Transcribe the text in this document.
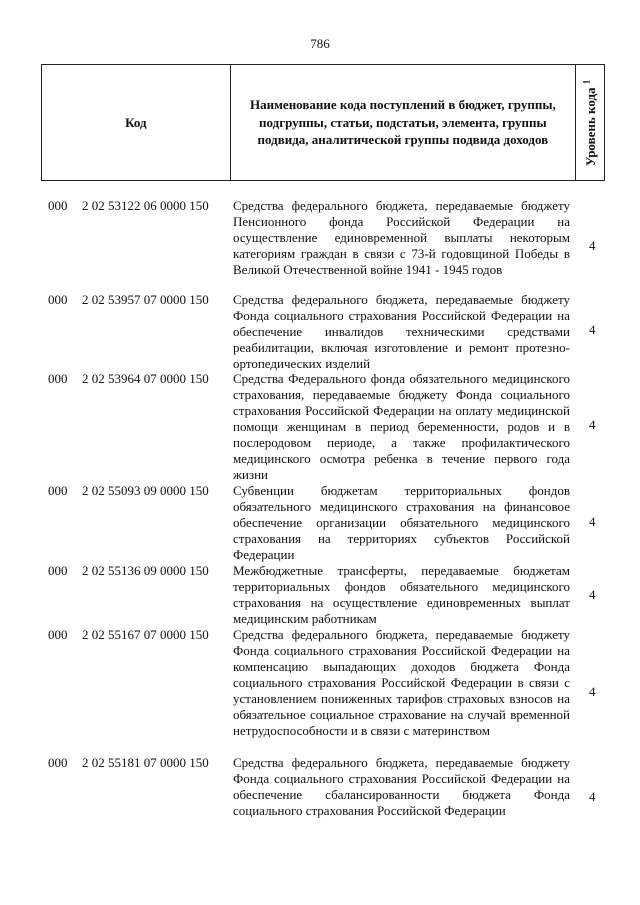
786
Код
Наименование кода поступлений в бюджет, группы, подгруппы, статьи, подстатьи, элемента, группы подвида, аналитической группы подвида доходов	Уровень кода $^1$
000 2 02 53122 06 0000 150 Средства федерального бюджета, передаваемые бюджету Пенсионного фонда Российской Федерации на осуществление единовременной выплаты некоторым категориям граждан в связи с 73-й годовщиной Победы в Великой Отечественной войне 1941 - 1945 годов
4
000 2 02 53957 07 0000 150 Средства федерального бюджета, передаваемые бюджету Фонда социального страхования Российской Федерации на обеспечение инвалидов техническими средствами реабилитации, включая изготовление и ремонт протезно-ортопедических изделий
4
000 2 02 53964 07 0000 150 Средства Федерального фонда обязательного медицинского страхования, передаваемые бюджету Фонда социального страхования Российской Федерации на оплату медицинской помощи женщинам в период беременности, родов и в послеродовом периоде, а также профилактического медицинского осмотра ребенка в течение первого года жизни
4
000 2 02 55093 09 0000 150 Субвенции бюджетам территориальных фондов обязательного медицинского страхования на финансовое обеспечение организации обязательного медицинского страхования на территориях субъектов Российской Федерации
4
000 2 02 55136 09 0000 150 Межбюджетные трансферты, передаваемые бюджетам территориальных фондов обязательного медицинского страхования на осуществление единовременных выплат медицинским работникам
4
000 2 02 55167 07 0000 150 Средства федерального бюджета, передаваемые бюджету Фонда социального страхования Российской Федерации на компенсацию выпадающих доходов бюджета Фонда социального страхования Российской Федерации в связи с установлением пониженных тарифов страховых взносов на обязательное социальное страхование на случай временной нетрудоспособности и в связи с материнством
4
000 2 02 55181 07 0000 150 Средства федерального бюджета, передаваемые бюджету Фонда социального страхования Российской Федерации на обеспечение сбалансированности бюджета Фонда социального страхования Российской Федерации
4
